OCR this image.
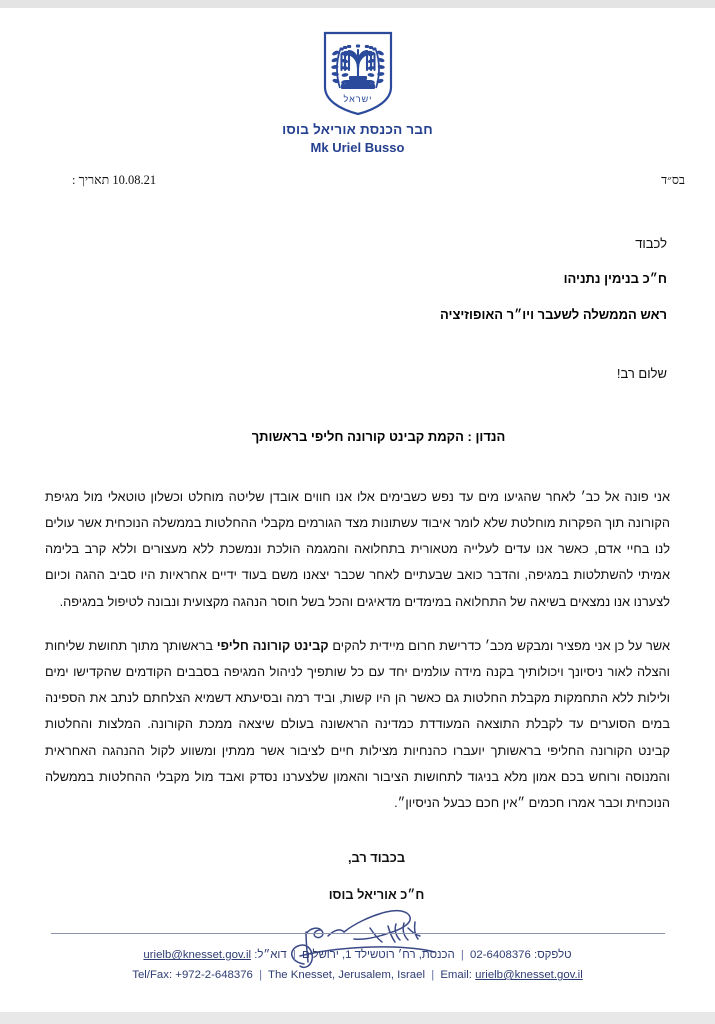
ישראל
חבר הכנסת אוריאל בוסו
Mk Uriel Busso
בס״ד
10.08.21 תאריך :
לכבוד
ח״כ בנימין נתניהו
ראש הממשלה לשעבר ויו״ר האופוזיציה
שלום רב!
הנדון : הקמת קבינט קורונה חליפי בראשותך

אני פונה אל כב׳ לאחר שהגיעו מים עד נפש כשבימים אלו אנו חווים אובדן שליטה מוחלט וכשלון טוטאלי מול מגיפת הקורונה תוך הפקרות מוחלטת שלא לומר איבוד עשתונות מצד הגורמים מקבלי ההחלטות בממשלה הנוכחית אשר עולים לנו בחיי אדם, כאשר אנו עדים לעלייה מטאורית בתחלואה והמגמה הולכת ונמשכת ללא מעצורים וללא קרב בלימה אמיתי להשתלטות במגיפה, והדבר כואב שבעתיים לאחר שכבר יצאנו משם בעוד ידיים אחראיות היו סביב ההגה וכיום לצערנו אנו נמצאים בשיאה של התחלואה במימדים מדאיגים והכל בשל חוסר הנהגה מקצועית ונבונה לטיפול במגיפה.

אשר על כן אני מפציר ומבקש מכב׳ כדרישת חרום מיידית להקים קבינט קורונה חליפי בראשותך מתוך תחושת שליחות והצלה לאור ניסיונך ויכולותיך בקנה מידה עולמים יחד עם כל שותפיך לניהול המגיפה בסבבים הקודמים שהקדישו ימים ולילות ללא התחמקות מקבלת החלטות גם כאשר הן היו קשות, וביד רמה ובסיעתא דשמיא הצלחתם לנתב את הספינה במים הסוערים עד לקבלת התוצאה המעודדת כמדינה הראשונה בעולם שיצאה ממכת הקורונה. המלצות והחלטות קבינט הקורונה החליפי בראשותך יועברו כהנחיות מצילות חיים לציבור אשר ממתין ומשווע לקול ההנהגה האחראית והמנוסה ורוחש בכם אמון מלא בניגוד לתחושות הציבור והאמון שלצערנו נסדק ואבד מול מקבלי ההחלטות בממשלה הנוכחית וכבר אמרו חכמים ״אין חכם כבעל הניסיון״.

בכבוד רב,
ח״כ אוריאל בוסו
טלפקס: 02-6408376 | הכנסת, רח׳ רוטשילד 1, ירושלים | דוא״ל: urielb@knesset.gov.il
Tel/Fax: +972-2-648376 | The Knesset, Jerusalem, Israel | Email: urielb@knesset.gov.il
